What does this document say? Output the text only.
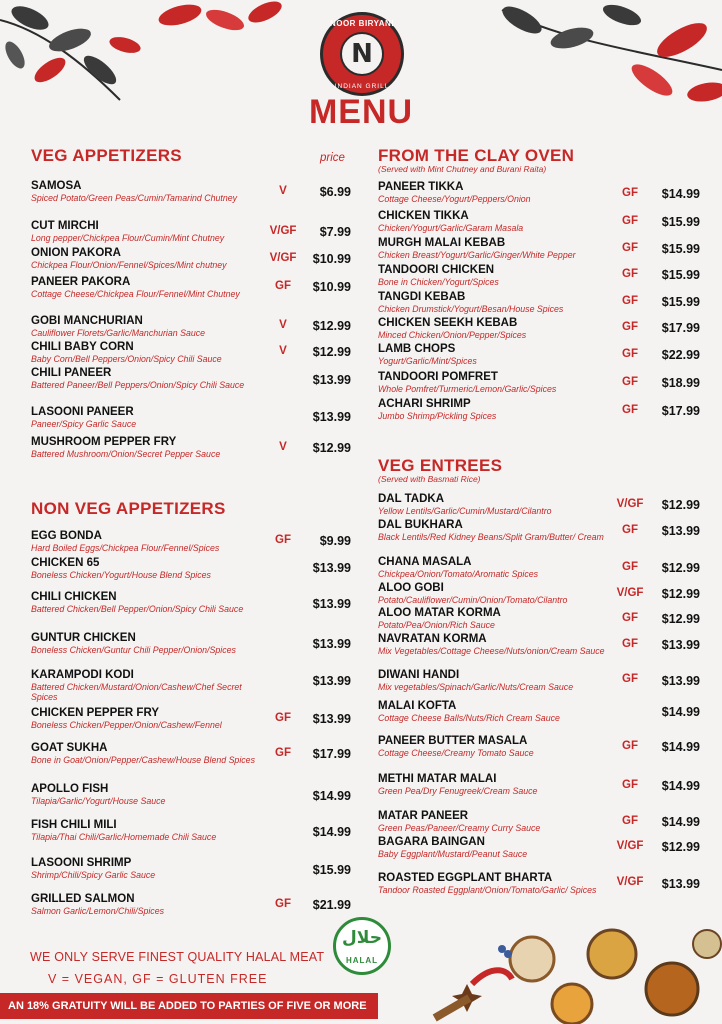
NOOR BIRYANI
N
INDIAN GRILL
MENU
VEG APPETIZERS	price
SAMOSA
Spiced Potato/Green Peas/Cumin/Tamarind Chutney
V	$6.99
CUT MIRCHI
Long pepper/Chickpea Flour/Cumin/Mint Chutney
V/GF	$7.99
ONION PAKORA
Chickpea Flour/Onion/Fennel/Spices/Mint chutney
V/GF	$10.99
PANEER PAKORA
Cottage Cheese/Chickpea Flour/Fennel/Mint Chutney
GF	$10.99
GOBI MANCHURIAN
Cauliflower Florets/Garlic/Manchurian Sauce
V	$12.99
CHILI BABY CORN
Baby Corn/Bell Peppers/Onion/Spicy Chili Sauce
V	$12.99
CHILI PANEER
Battered Paneer/Bell Peppers/Onion/Spicy Chili Sauce	$13.99
LASOONI PANEER
Paneer/Spicy Garlic Sauce	$13.99
MUSHROOM PEPPER FRY
Battered Mushroom/Onion/Secret Pepper Sauce
V	$12.99
NON VEG APPETIZERS
EGG BONDA
Hard Boiled Eggs/Chickpea Flour/Fennel/Spices
GF	$9.99
CHICKEN 65
Boneless Chicken/Yogurt/House Blend Spices	$13.99
CHILI CHICKEN
Battered Chicken/Bell Pepper/Onion/Spicy Chili Sauce	$13.99
GUNTUR CHICKEN
Boneless Chicken/Guntur Chili Pepper/Onion/Spices	$13.99
KARAMPODI KODI
Battered Chicken/Mustard/Onion/Cashew/Chef Secret Spices
$13.99
CHICKEN PEPPER FRY
Boneless Chicken/Pepper/Onion/Cashew/Fennel
GF	$13.99
GOAT SUKHA
Bone in Goat/Onion/Pepper/Cashew/House Blend Spices
GF	$17.99
APOLLO FISH
Tilapia/Garlic/Yogurt/House Sauce	$14.99
FISH CHILI MILI
Tilapia/Thai Chili/Garlic/Homemade Chili Sauce	$14.99
LASOONI SHRIMP
Shrimp/Chili/Spicy Garlic Sauce	$15.99
GRILLED SALMON
Salmon Garlic/Lemon/Chili/Spices
GF	$21.99
FROM THE CLAY OVEN
(Served with Mint Chutney and Burani Raita)
PANEER TIKKA
Cottage Cheese/Yogurt/Peppers/Onion	GF	$14.99
CHICKEN TIKKA
Chicken/Yogurt/Garlic/Garam Masala
GF	$15.99
MURGH MALAI KEBAB
Chicken Breast/Yogurt/Garlic/Ginger/White Pepper
GF	$15.99
TANDOORI CHICKEN
Bone in Chicken/Yogurt/Spices
GF	$15.99
TANGDI KEBAB
Chicken Drumstick/Yogurt/Besan/House Spices
GF	$15.99
CHICKEN SEEKH KEBAB
Minced Chicken/Onion/Pepper/Spices
GF	$17.99
LAMB CHOPS
Yogurt/Garlic/Mint/Spices
GF	$22.99
TANDOORI POMFRET
Whole Pomfret/Turmeric/Lemon/Garlic/Spices
GF	$18.99
ACHARI SHRIMP
Jumbo Shrimp/Pickling Spices	GF	$17.99
VEG ENTREES
(Served with Basmati Rice)
DAL TADKA
Yellow Lentils/Garlic/Cumin/Mustard/Cilantro
V/GF	$12.99
DAL BUKHARA
Black Lentils/Red Kidney Beans/Split Gram/Butter/ Cream
GF	$13.99
CHANA MASALA
Chickpea/Onion/Tomato/Aromatic Spices
GF	$12.99
ALOO GOBI
Potato/Cauliflower/Cumin/Onion/Tomato/Cilantro
V/GF	$12.99
ALOO MATAR KORMA
Potato/Pea/Onion/Rich Sauce
GF	$12.99
NAVRATAN KORMA
Mix Vegetables/Cottage Cheese/Nuts/onion/Cream Sauce
GF	$13.99
DIWANI HANDI
Mix vegetables/Spinach/Garlic/Nuts/Cream Sauce
GF	$13.99
MALAI KOFTA
Cottage Cheese Balls/Nuts/Rich Cream Sauce	$14.99
PANEER BUTTER MASALA
Cottage Cheese/Creamy Tomato Sauce
GF	$14.99
METHI MATAR MALAI
Green Pea/Dry Fenugreek/Cream Sauce	GF	$14.99
MATAR PANEER
Green Peas/Paneer/Creamy Curry Sauce
GF	$14.99
BAGARA BAINGAN
Baby Eggplant/Mustard/Peanut Sauce
V/GF	$12.99
ROASTED EGGPLANT BHARTA
Tandoor Roasted Eggplant/Onion/Tomato/Garlic/ Spices
V/GF	$13.99
WE ONLY SERVE FINEST QUALITY HALAL MEAT
V = VEGAN, GF = GLUTEN FREE
حلال
HALAL
AN 18% GRATUITY WILL BE ADDED TO PARTIES OF FIVE OR MORE
